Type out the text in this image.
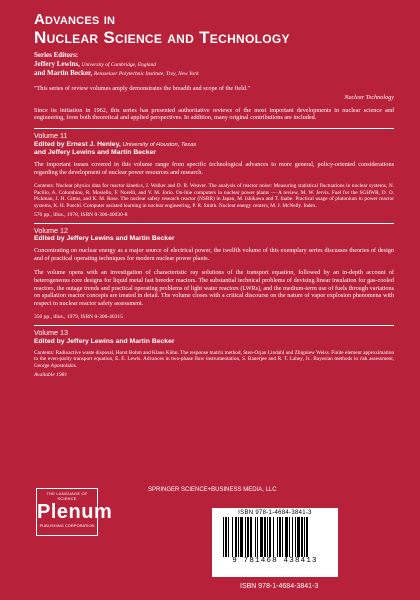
Advances in
Nuclear Science and Technology
Series Editors:
Jeffery Lewins, University of Cambridge, England
and Martin Becker, Rensselaer Polytechnic Institute, Troy, New York
"This series of review volumes amply demonstrates the breadth and scope of the field."
Nuclear Technology

Since its initiation in 1962, this series has presented authoritative reviews of the most important developments in nuclear science and engineering, from both theoretical and applied perspectives. In addition, many original contributions are included.

Volume 11
Edited by Ernest J. Henley, University of Houston, Texas
and Jeffery Lewins and Martin Becker

The important issues covered in this volume range from specific technological advances to more general, policy-oriented considerations regarding the development of nuclear power resources and research.

Contents: Nuclear physics data for reactor kinetics, J. Walker and D. R. Weaver. The analysis of reactor noise: Measuring statistical fluctuations in nuclear systems, N. Pacilio, A. Colombino, R. Mosiello, F. Norelli, and V. M. Jorio. On-line computers in nuclear power plants — A review, M. W. Jervis. Fuel for the SGHWR, D. O. Pickman, J. H. Gittus, and K. M. Rose. The nuclear safety research reactor (NSRR) in Japan, M. Ishikawa and T. Inabe. Practical usage of plutonium in power reactor systems, K. H. Puechl. Computer assisted learning in nuclear engineering, P. R. Smith. Nuclear energy centers, M. J. McNelly. Index.

576 pp., illus., 1978, ISBN 0-306-40030-8

Volume 12
Edited by Jeffery Lewins and Martin Becker

Concentrating on nuclear energy as a major source of electrical power, the twelfth volume of this exemplary series discusses theories of design and of practical operating techniques for modern nuclear power plants.

The volume opens with an investigation of characteristic ray solutions of the transport equation, followed by an in-depth account of heterogeneous core designs for liquid metal fast breeder reactors. The substantial technical problems of devising linear insulation for gas-cooled reactors, the outage trends and practical operating problems of light water reactors (LWRs), and the medium-term use of fuels through variations on spallation reactor concepts are treated in detail. The volume closes with a critical discourse on the nature of vapor explosion phenomena with respect to nuclear reactor safety assessment.

350 pp., illus., 1979, ISBN 0-306-40315

Volume 13
Edited by Jeffery Lewins and Martin Becker

Contents: Radioactive waste disposal, Horst Bohm and Klaus Kühn. The response matrix method, Sten-Orjan Lindahl and Zbigniew Weiss. Finite element approximation to the even-parity transport equation, E. E. Lewis. Advances in two-phase flow instrumentation, S. Banerjee and R. T. Lahey, Jr.. Bayesian methods in risk assessment, George Apostolakis.

Available 1981

THE LANGUAGE OF SCIENCE
Plenum
PUBLISHING CORPORATION
SPRINGER SCIENCE+BUSINESS MEDIA, LLC
ISBN 978-1-4684-3841-3
9 781468 438413
ISBN 978-1-4684-3841-3
